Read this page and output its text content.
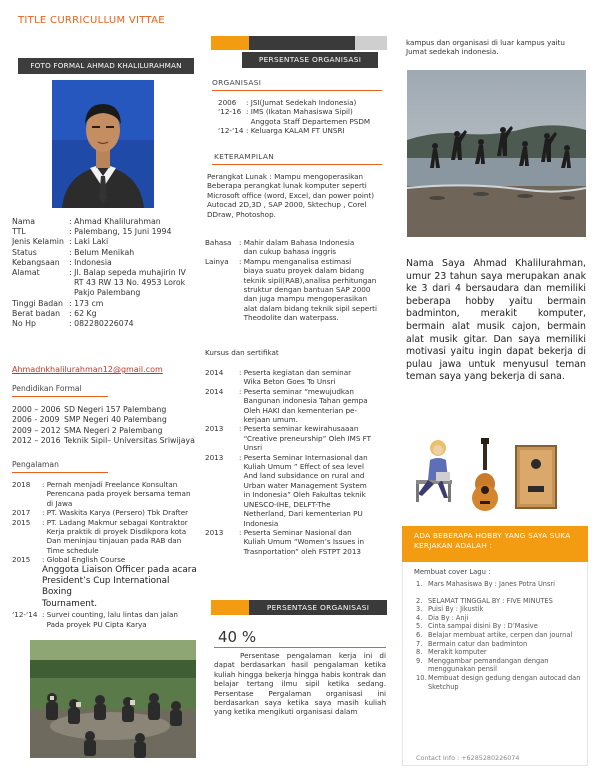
TITLE CURRICULLUM VITTAE
FOTO FORMAL AHMAD KHALILURAHMAN
Nama	: Ahmad Khalilurahman
TTL	: Palembang, 15 Juni 1994
Jenis Kelamin : Laki Laki
Status	: Belum Menikah
Kebangsaan	: Indonesia
Alamat	: Jl. Balap sepeda muhajirin IV
RT 43 RW 13 No. 4953 Lorok
Pakjo Palembang
Tinggi Badan : 173 cm
Berat badan	: 62 Kg
No Hp	: 082280226074
Ahmadnkhalilurahman12@gmail.com
Pendidikan Formal
2000 – 2006 SD Negeri 157 Palembang
2006 - 2009 SMP Negeri 40 Palembang
2009 – 2012 SMA Negeri 2 Palembang
2012 – 2016 Teknik Sipil– Universitas Sriwijaya
Pengalaman
2018	: Pernah menjadi Freelance Konsultan
Perencana pada proyek bersama teman
di Jawa
2017	: PT. Waskita Karya (Persero) Tbk Drafter
2015	: PT. Ladang Makmur sebagai Kontraktor
Kerja praktik di proyek Disdikpora kota
Dan meninjau tinjauan pada RAB dan
Time schedule
2015	: Global English Course
Anggota Liaison Officer pada acara
President’s Cup International Boxing
Tournament.
‘12-‘14 : Survei counting, lalu lintas dan jalan
Pada proyek PU Cipta Karya
PERSENTASE ORGANISASI
ORGANISASI
2006	: JSI(Jumat Sedekah Indonesia)
‘12-16 : IMS (Ikatan Mahasiswa Sipil)
Anggota Staff Departemen PSDM
‘12-‘14 : Keluarga KALAM FT UNSRI
KETERAMPILAN
Perangkat Lunak : Mampu mengoperasikan
Beberapa perangkat lunak komputer seperti
Microsoft office (word, Excel, dan power point)
Autocad 2D,3D , SAP 2000, Sktechup , Corel
DDraw, Photoshop.
Bahasa	: Mahir dalam Bahasa Indonesia
dan cukup bahasa inggris
Lainya	: Mampu menganalisa estimasi
biaya suatu proyek dalam bidang
teknik sipil(RAB),analisa perhitungan
struktur dengan bantuan SAP 2000
dan juga mampu mengoperasikan
alat dalam bidang teknik sipil seperti
Theodolite dan waterpass.
Kursus dan sertifikat
2014	: Peserta kegiatan dan seminar
Wika Beton Goes To Unsri
2014	: Peserta seminar “mewujudkan
Bangunan indonesia Tahan gempa
Oleh HAKI dan kementerian pe-
kerjaan umum.
2013	: Peserta seminar kewirahusaaan
“Creative preneurship” Oleh IMS FT
Unsri
2013	: Peserta Seminar Internasional dan
Kuliah Umum ” Effect of sea level
And land subsidance on rural and
Urban water Management System
in Indonesia” Oleh Fakultas teknik
UNESCO-IHE, DELFT-The
Netherland, Dari kementerian PU
Indonesia
2013	: Peserta Seminar Nasional dan
Kuliah Umum “Women’s Issues in
Trasnportation” oleh FSTPT 2013
PERSENTASE ORGANISASI
40 %
Persentase pengalaman kerja ini di dapat berdasarkan hasil pengalaman ketika kuliah hingga bekerja hingga habis kontrak dan belajar tertang ilmu sipil ketika sedang. Persentase Pergalaman organisasi ini berdasarkan saya ketika saya masih kuliah yang ketika mengikuti organisasi dalam
kampus dan organisasi di luar kampus yaitu Jumat sedekah indonesia.
Nama Saya Ahmad Khalilurahman, umur 23 tahun saya merupakan anak ke 3 dari 4 bersaudara dan memiliki beberapa hobby yaitu bermain badminton, merakit komputer, bermain alat musik cajon, bermain alat musik gitar. Dan saya memiliki motivasi yaitu ingin dapat bekerja di pulau jawa untuk menyusul teman teman saya yang bekerja di sana.
ADA BEBERAPA HOBBY YANG SAYA SUKA KERJAKAN ADALAH :
Membuat cover Lagu :
1. Mars Mahasiswa By : Janes Potra Unsri
2. SELAMAT TINGGAL BY : FIVE MINUTES
3. Puisi By : Jikustik
4. Dia By : Anji
5. Cinta sampai disini By : D’Masive
6. Belajar membuat artike, cerpen dan journal
7. Bermain catur dan badminton
8. Merakit komputer
9. Menggambar pemandangan dengan menggunakan pensil
10. Membuat design gedung dengan autocad dan Sketchup
Contact Info : +6285280226074
